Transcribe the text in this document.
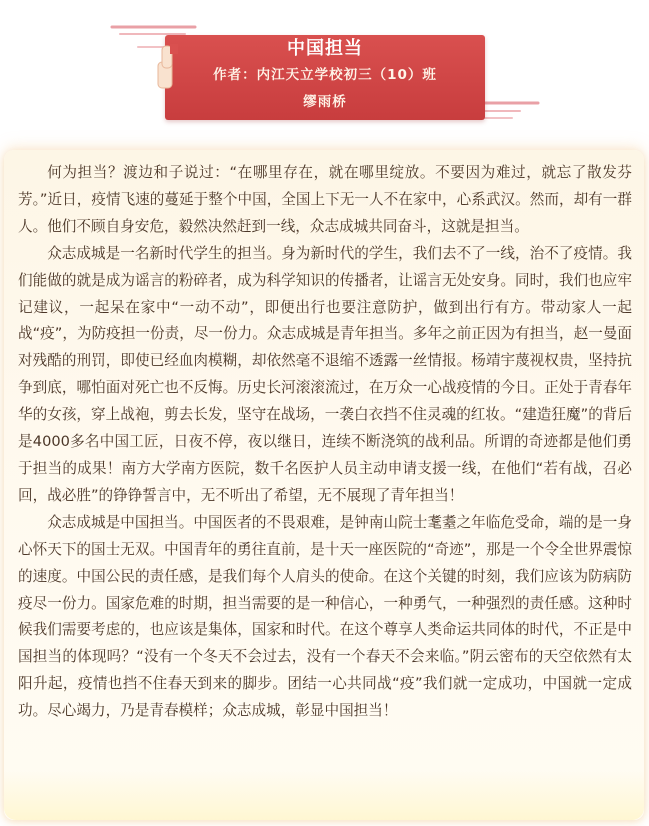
中国担当
作者：内江天立学校初三（10）班
缪雨桥

何为担当？渡边和子说过：“在哪里存在，就在哪里绽放。不要因为难过，就忘了散发芬芳。”近日，疫情飞速的蔓延于整个中国，全国上下无一人不在家中，心系武汉。然而，却有一群人。他们不顾自身安危，毅然决然赶到一线，众志成城共同奋斗，这就是担当。

众志成城是一名新时代学生的担当。身为新时代的学生，我们去不了一线，治不了疫情。我们能做的就是成为谣言的粉碎者，成为科学知识的传播者，让谣言无处安身。同时，我们也应牢记建议，一起呆在家中“一动不动”，即便出行也要注意防护，做到出行有方。带动家人一起战“疫”，为防疫担一份责，尽一份力。众志成城是青年担当。多年之前正因为有担当，赵一曼面对残酷的刑罚，即使已经血肉模糊，却依然毫不退缩不透露一丝情报。杨靖宇蔑视权贵，坚持抗争到底，哪怕面对死亡也不反悔。历史长河滚滚流过，在万众一心战疫情的今日。正处于青春年华的女孩，穿上战袍，剪去长发，坚守在战场，一袭白衣挡不住灵魂的红妆。“建造狂魔”的背后是4000多名中国工匠，日夜不停，夜以继日，连续不断浇筑的战利品。所谓的奇迹都是他们勇于担当的成果！南方大学南方医院，数千名医护人员主动申请支援一线，在他们“若有战，召必回，战必胜”的铮铮誓言中，无不听出了希望，无不展现了青年担当！

众志成城是中国担当。中国医者的不畏艰难，是钟南山院士耄耋之年临危受命，端的是一身心怀天下的国士无双。中国青年的勇往直前，是十天一座医院的“奇迹”，那是一个令全世界震惊的速度。中国公民的责任感，是我们每个人肩头的使命。在这个关键的时刻，我们应该为防病防疫尽一份力。国家危难的时期，担当需要的是一种信心，一种勇气，一种强烈的责任感。这种时候我们需要考虑的，也应该是集体，国家和时代。在这个尊享人类命运共同体的时代，不正是中国担当的体现吗？“没有一个冬天不会过去，没有一个春天不会来临。”阴云密布的天空依然有太阳升起，疫情也挡不住春天到来的脚步。团结一心共同战“疫”我们就一定成功，中国就一定成功。尽心竭力，乃是青春模样；众志成城，彰显中国担当！
